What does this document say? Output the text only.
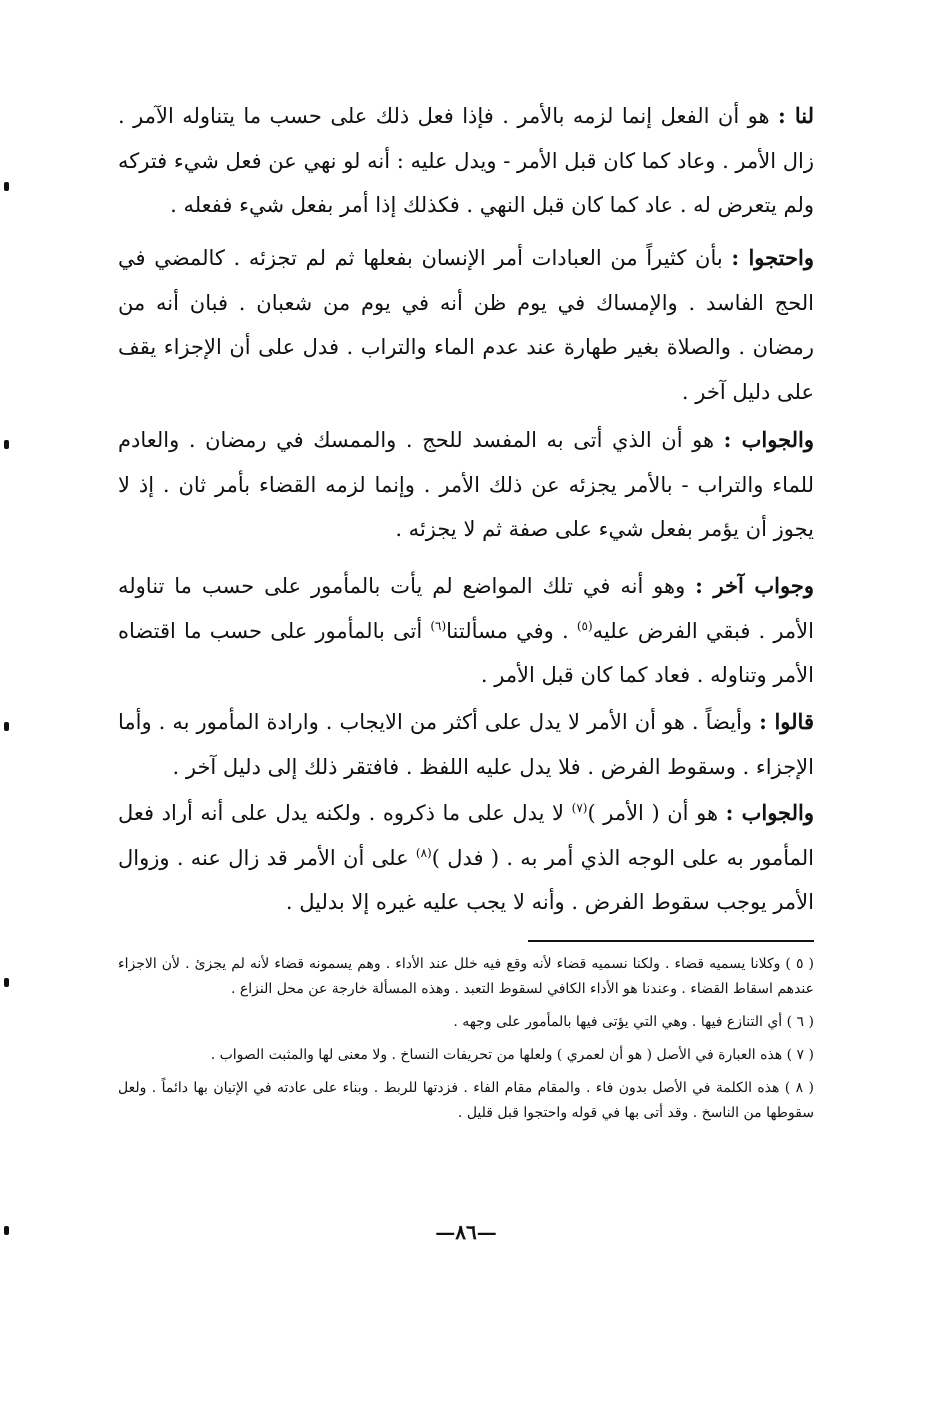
لنا : هو أن الفعل إنما لزمه بالأمر . فإذا فعل ذلك على حسب ما يتناوله الآمر . زال الأمر . وعاد كما كان قبل الأمر - ويدل عليه : أنه لو نهي عن فعل شيء فتركه ولم يتعرض له . عاد كما كان قبل النهي . فكذلك إذا أمر بفعل شيء ففعله .

واحتجوا : بأن كثيراً من العبادات أمر الإنسان بفعلها ثم لم تجزئه . كالمضي في الحج الفاسد . والإمساك في يوم ظن أنه في يوم من شعبان . فبان أنه من رمضان . والصلاة بغير طهارة عند عدم الماء والتراب . فدل على أن الإجزاء يقف على دليل آخر .

والجواب : هو أن الذي أتى به المفسد للحج . والممسك في رمضان . والعادم للماء والتراب - بالأمر يجزئه عن ذلك الأمر . وإنما لزمه القضاء بأمر ثان . إذ لا يجوز أن يؤمر بفعل شيء على صفة ثم لا يجزئه .

وجواب آخر : وهو أنه في تلك المواضع لم يأت بالمأمور على حسب ما تناوله الأمر . فبقي الفرض عليه$^{(٥)}$ . وفي مسألتنا$^{(٦)}$ أتى بالمأمور على حسب ما اقتضاه الأمر وتناوله . فعاد كما كان قبل الأمر .

قالوا : وأيضاً . هو أن الأمر لا يدل على أكثر من الايجاب . وارادة المأمور به . وأما الإجزاء . وسقوط الفرض . فلا يدل عليه اللفظ . فافتقر ذلك إلى دليل آخر .

والجواب : هو أن ( الأمر )$^{(٧)}$ لا يدل على ما ذكروه . ولكنه يدل على أنه أراد فعل المأمور به على الوجه الذي أمر به . ( فدل )$^{(٨)}$ على أن الأمر قد زال عنه . وزوال الأمر يوجب سقوط الفرض . وأنه لا يجب عليه غيره إلا بدليل .

( ٥ ) وكلانا يسميه قضاء . ولكنا نسميه قضاء لأنه وقع فيه خلل عند الأداء . وهم يسمونه قضاء لأنه لم يجزئ . لأن الاجزاء عندهم اسقاط القضاء . وعندنا هو الأداء الكافي لسقوط التعبد . وهذه المسألة خارجة عن محل النزاع .

( ٦ ) أي التنازع فيها . وهي التي يؤتى فيها بالمأمور على وجهه .

( ٧ ) هذه العبارة في الأصل ( هو أن لعمري ) ولعلها من تحريفات النساخ . ولا معنى لها والمثبت الصواب .

( ٨ ) هذه الكلمة في الأصل بدون فاء . والمقام مقام الفاء . فزدتها للربط . وبناء على عادته في الإتيان بها دائماً . ولعل سقوطها من الناسخ . وقد أتى بها في قوله واحتجوا قبل قليل .

—٨٦—
